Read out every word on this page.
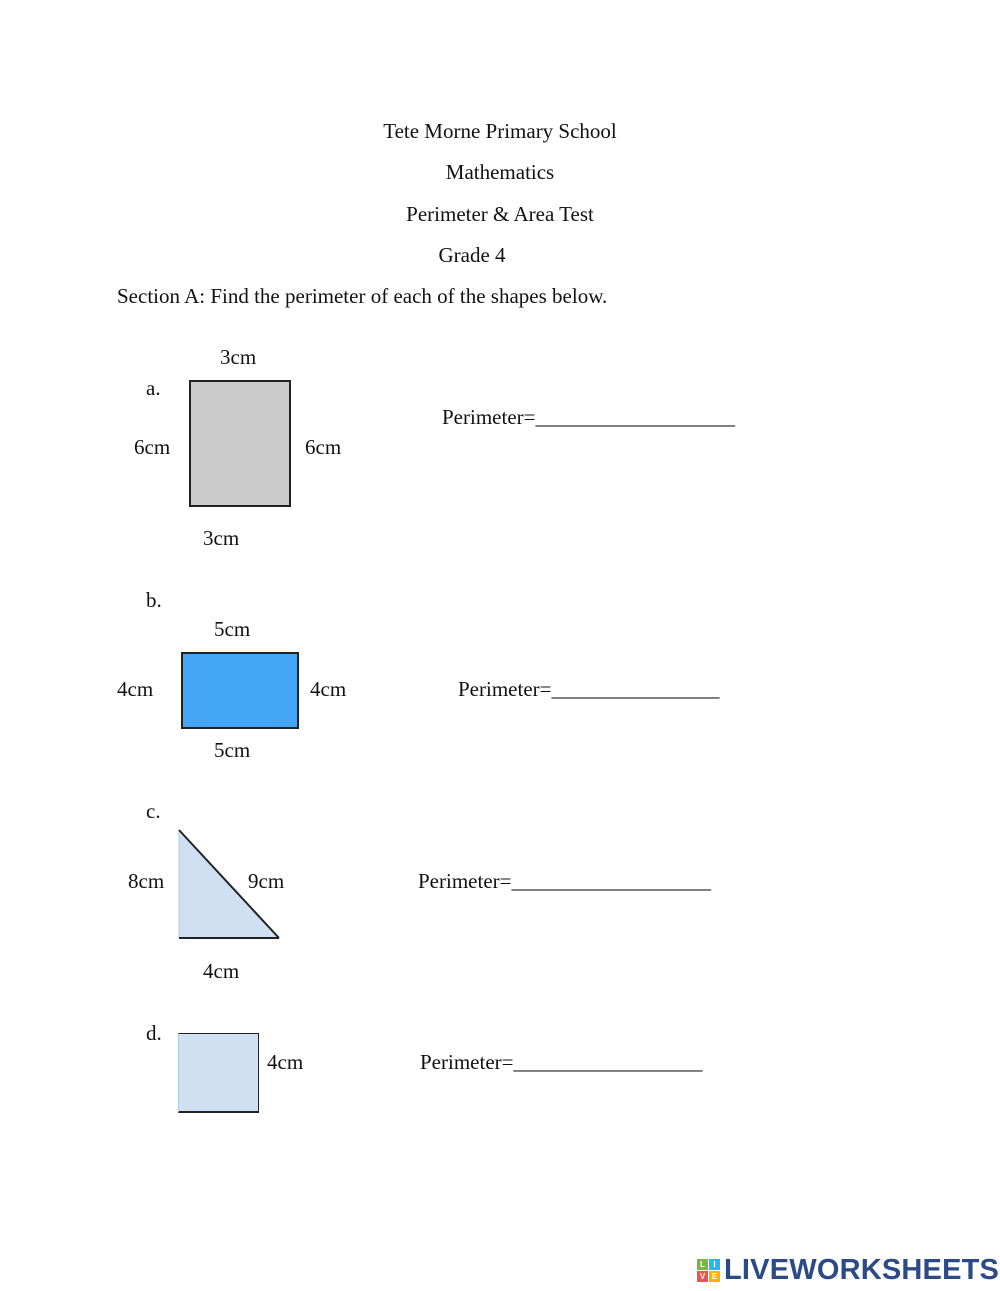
Tete Morne Primary School
Mathematics
Perimeter & Area Test
Grade 4
Section A: Find the perimeter of each of the shapes below.
a.
3cm
6cm	6cm
3cm
Perimeter=___________________
b.
5cm
4cm	4cm
5cm
Perimeter=________________
c.
8cm	9cm
4cm
Perimeter=___________________
d.
4cm	Perimeter=__________________
L	I
V E LIVEWORKSHEETS
